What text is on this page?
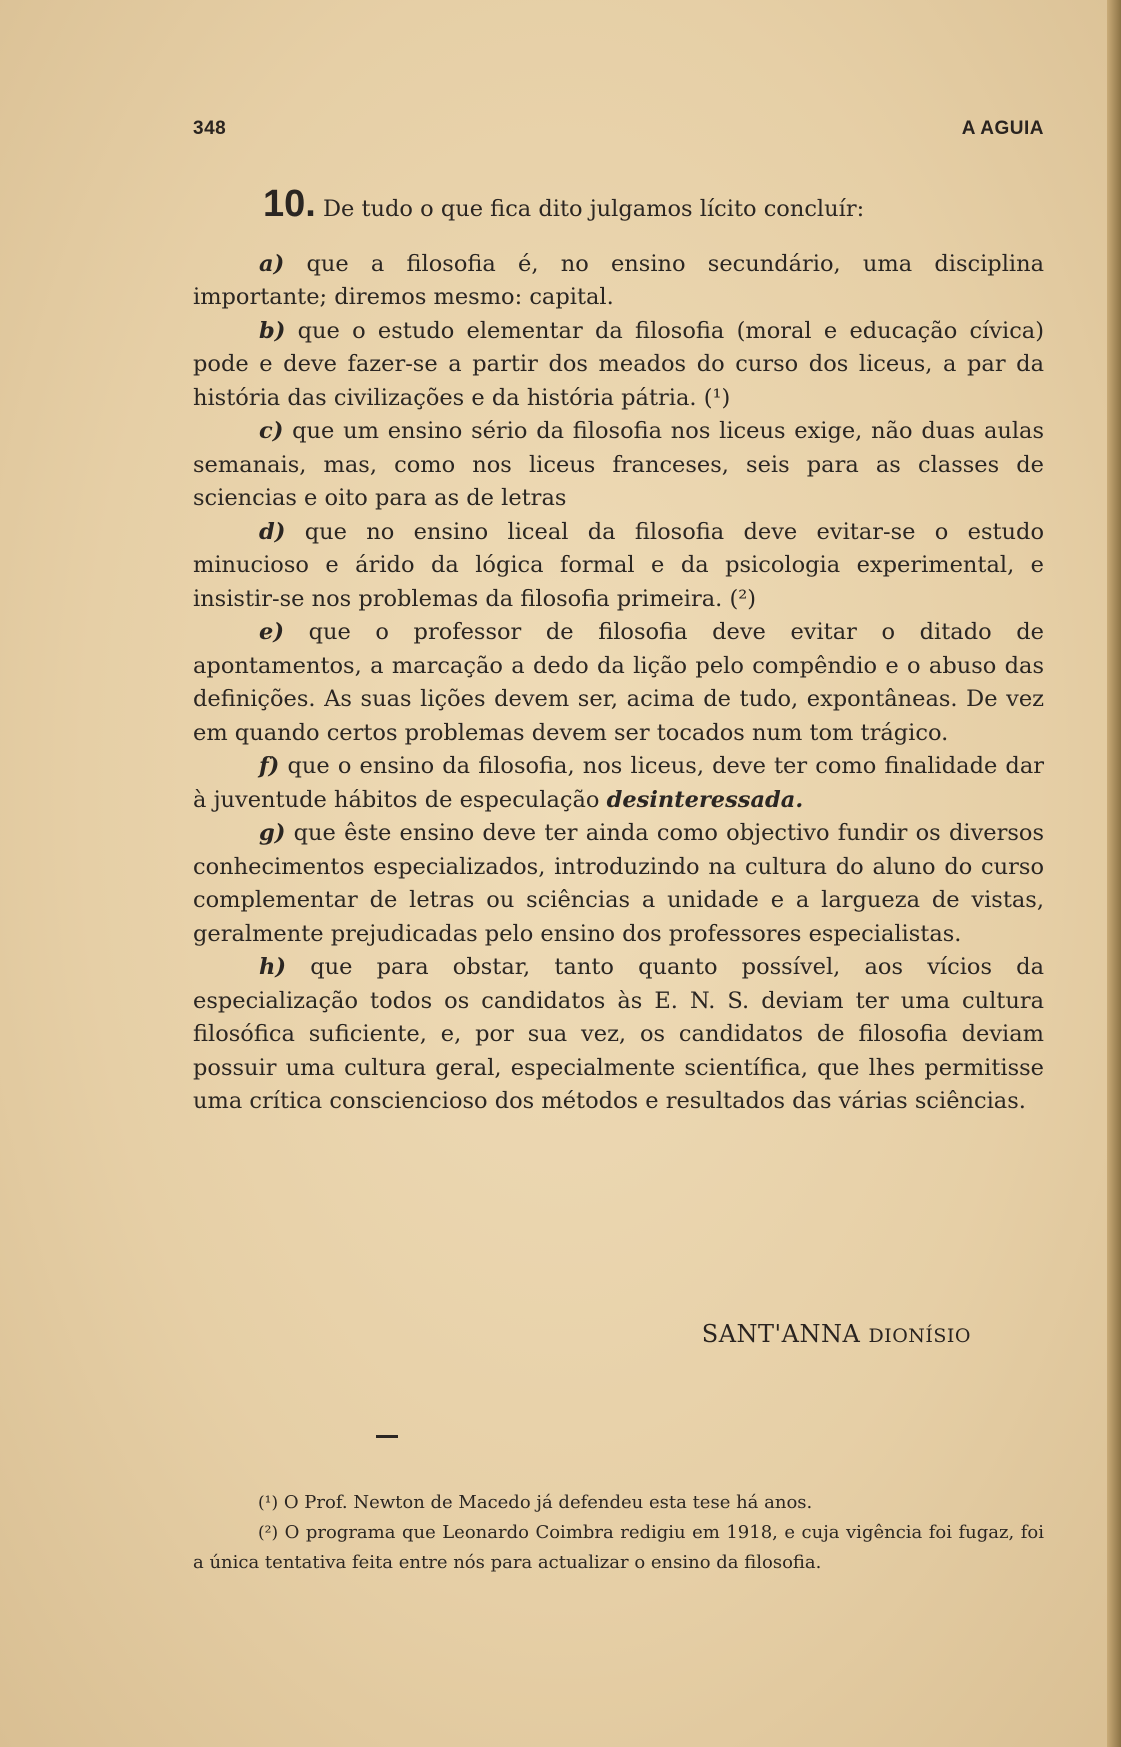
348	A AGUIA

10. De tudo o que fica dito julgamos lícito concluír:

a) que a filosofia é, no ensino secundário, uma disciplina importante; diremos mesmo: capital.

b) que o estudo elementar da filosofia (moral e educação cívica) pode e deve fazer-se a partir dos meados do curso dos liceus, a par da história das civilizações e da história pátria. (¹)

c) que um ensino sério da filosofia nos liceus exige, não duas aulas semanais, mas, como nos liceus franceses, seis para as classes de sciencias e oito para as de letras

d) que no ensino liceal da filosofia deve evitar-se o estudo minucioso e árido da lógica formal e da psicologia experimental, e insistir-se nos problemas da filosofia primeira. (²)

e) que o professor de filosofia deve evitar o ditado de apontamentos, a marcação a dedo da lição pelo compêndio e o abuso das definições. As suas lições devem ser, acima de tudo, expontâneas. De vez em quando certos problemas devem ser tocados num tom trágico.

f) que o ensino da filosofia, nos liceus, deve ter como finalidade dar à juventude hábitos de especulação desinteressada.

g) que êste ensino deve ter ainda como objectivo fundir os diversos conhecimentos especializados, introduzindo na cultura do aluno do curso complementar de letras ou sciências a unidade e a largueza de vistas, geralmente prejudicadas pelo ensino dos professores especialistas.

h) que para obstar, tanto quanto possível, aos vícios da especialização todos os candidatos às E. N. S. deviam ter uma cultura filosófica suficiente, e, por sua vez, os candidatos de filosofia deviam possuir uma cultura geral, especialmente scientífica, que lhes permitisse uma crítica consciencioso dos métodos e resultados das várias sciências.

SANT'ANNA DIONÍSIO

(¹) O Prof. Newton de Macedo já defendeu esta tese há anos.

(²) O programa que Leonardo Coimbra redigiu em 1918, e cuja vigência foi fugaz, foi a única tentativa feita entre nós para actualizar o ensino da filosofia.
